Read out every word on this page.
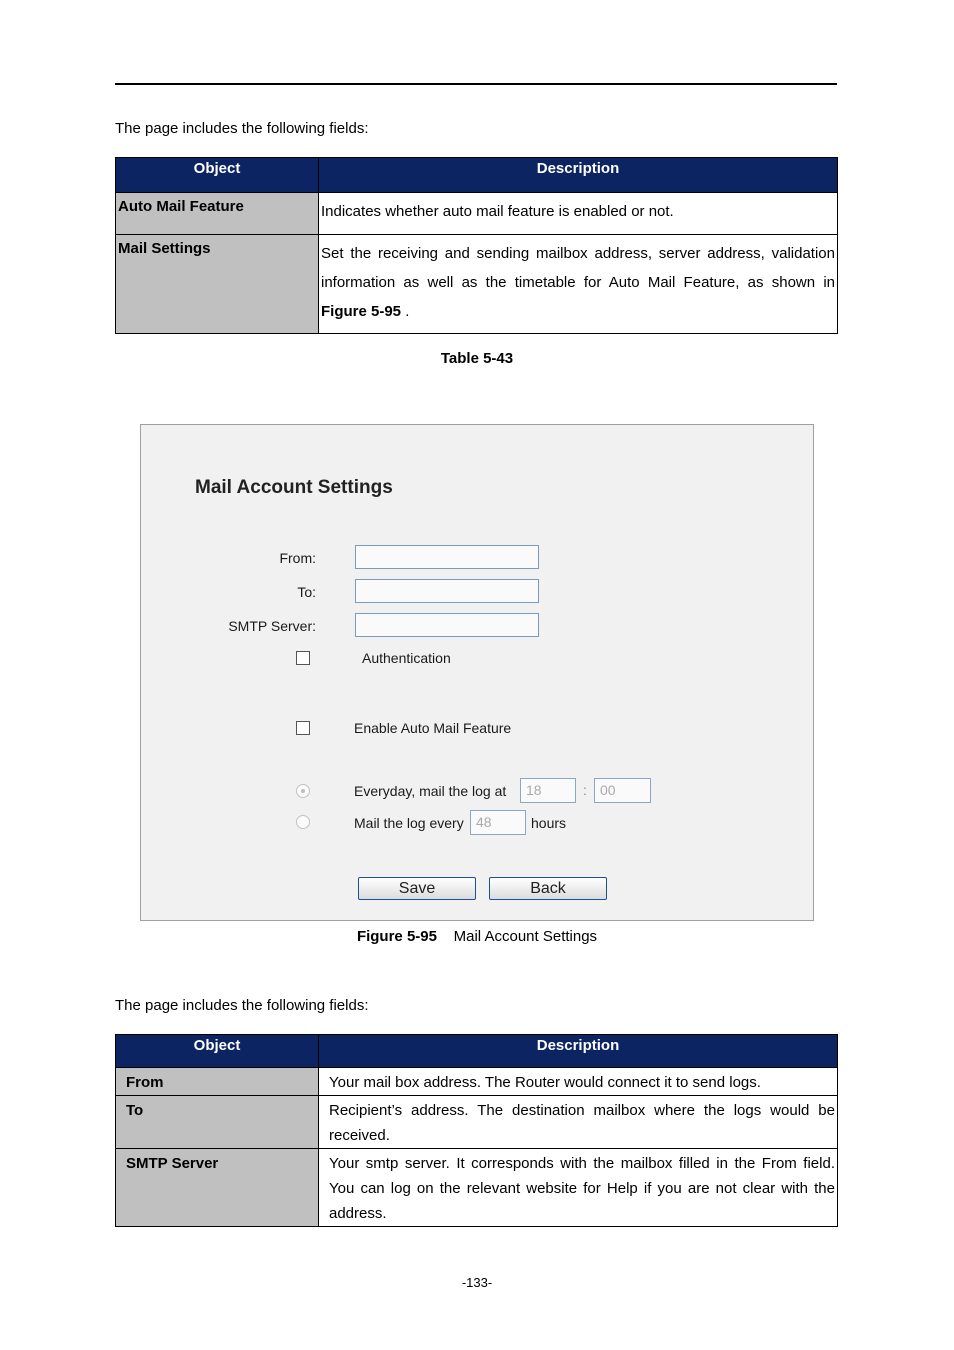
The page includes the following fields:
Object	Description
Auto Mail Feature	Indicates whether auto mail feature is enabled or not.
Mail Settings	Set the receiving and sending mailbox address, server address, validation information as well as the timetable for Auto Mail Feature, as shown in Figure 5-95 .
Table 5-43
Mail Account Settings
From:
To:
SMTP Server:
Authentication
Enable Auto Mail Feature
Everyday, mail the log at	18	: 00
Mail the log every 48	hours
Save	Back
Figure 5-95 Mail Account Settings
The page includes the following fields:
Object	Description
From	Your mail box address. The Router would connect it to send logs.
To	Recipient’s address. The destination mailbox where the logs would be received.
SMTP Server	Your smtp server. It corresponds with the mailbox filled in the From field. You can log on the relevant website for Help if you are not clear with the address.
-133-
